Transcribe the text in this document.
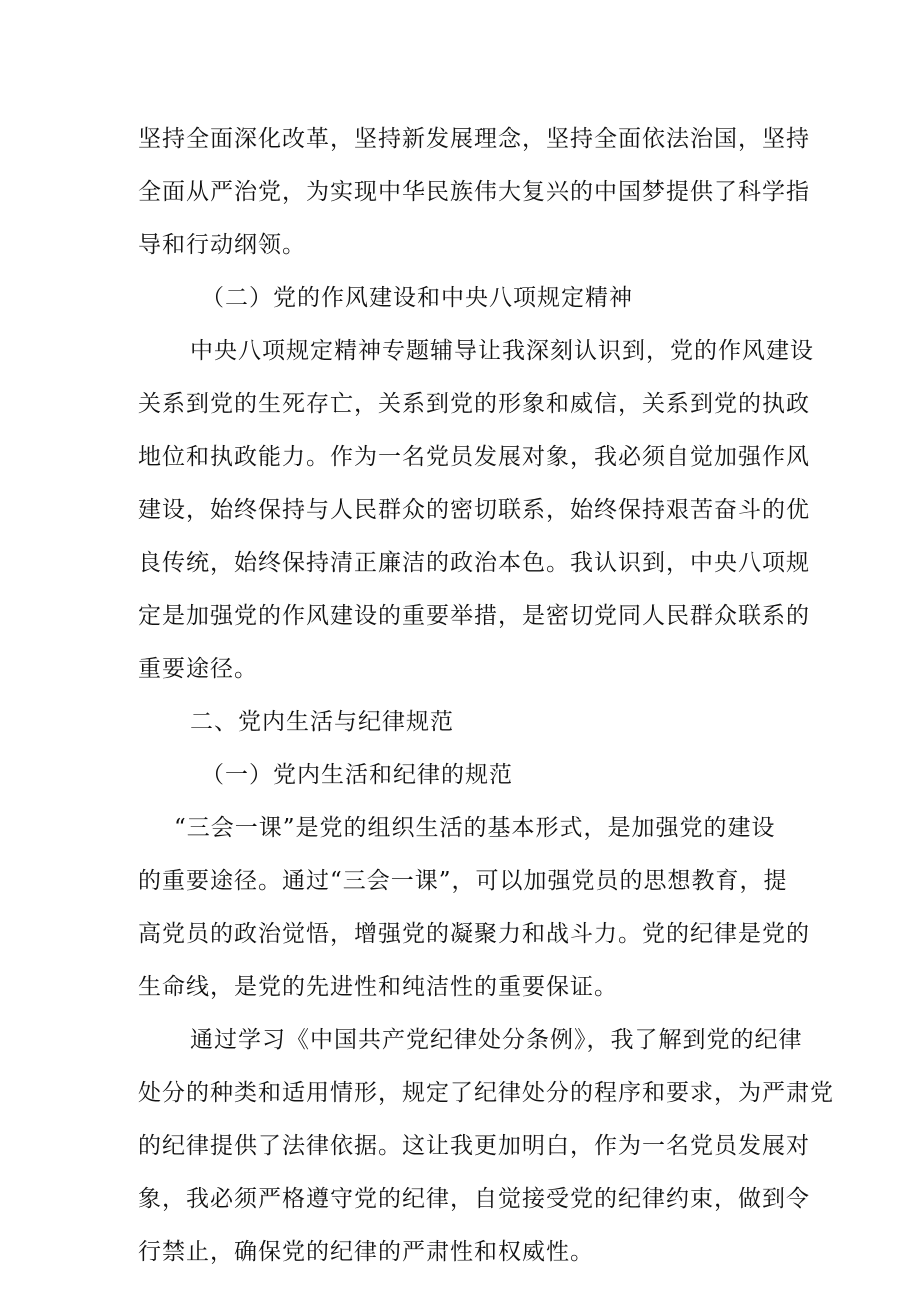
坚持全面深化改革，坚持新发展理念，坚持全面依法治国，坚持
全面从严治党，为实现中华民族伟大复兴的中国梦提供了科学指
导和行动纲领。
（二）党的作风建设和中央八项规定精神
中央八项规定精神专题辅导让我深刻认识到，党的作风建设
关系到党的生死存亡，关系到党的形象和威信，关系到党的执政
地位和执政能力。作为一名党员发展对象，我必须自觉加强作风
建设，始终保持与人民群众的密切联系，始终保持艰苦奋斗的优
良传统，始终保持清正廉洁的政治本色。我认识到，中央八项规
定是加强党的作风建设的重要举措，是密切党同人民群众联系的
重要途径。
二、党内生活与纪律规范
（一）党内生活和纪律的规范
“三会一课”是党的组织生活的基本形式，是加强党的建设
的重要途径。通过“三会一课”，可以加强党员的思想教育，提
高党员的政治觉悟，增强党的凝聚力和战斗力。党的纪律是党的
生命线，是党的先进性和纯洁性的重要保证。
通过学习《中国共产党纪律处分条例》，我了解到党的纪律
处分的种类和适用情形，规定了纪律处分的程序和要求，为严肃党
的纪律提供了法律依据。这让我更加明白，作为一名党员发展对
象，我必须严格遵守党的纪律，自觉接受党的纪律约束，做到令
行禁止，确保党的纪律的严肃性和权威性。
